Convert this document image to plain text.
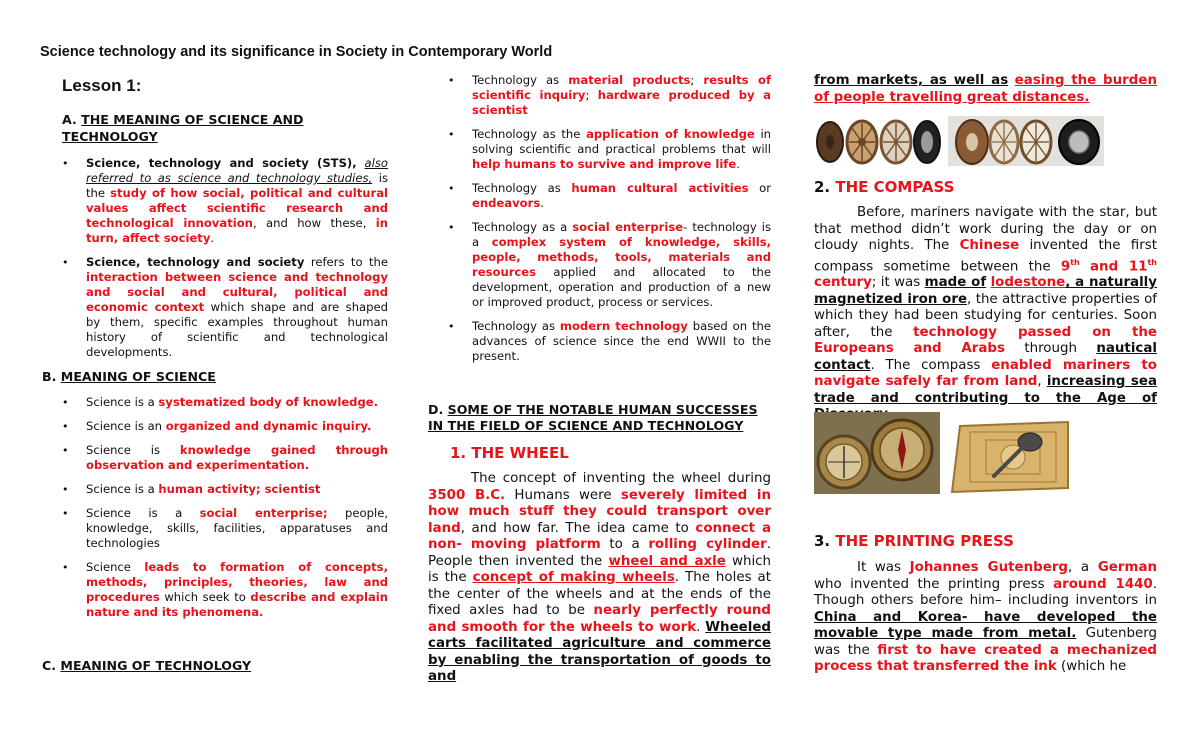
Science technology and its significance in Society in Contemporary World
Lesson 1:
A. THE MEANING OF SCIENCE AND TECHNOLOGY
• Science, technology and society (STS), also referred to as science and technology studies, is the study of how social, political and cultural values affect scientific research and technological innovation, and how these, in turn, affect society.
• Science, technology and society refers to the interaction between science and technology and social and cultural, political and economic context which shape and are shaped by them, specific examples throughout human history of scientific and technological developments.
B. MEANING OF SCIENCE
• Science is a systematized body of knowledge.
• Science is an organized and dynamic inquiry.
• Science is knowledge gained through observation and experimentation.
• Science is a human activity; scientist
• Science is a social enterprise; people, knowledge, skills, facilities, apparatuses and technologies
• Science leads to formation of concepts, methods, principles, theories, law and procedures which seek to describe and explain nature and its phenomena.
C. MEANING OF TECHNOLOGY
• Technology as material products; results of scientific inquiry; hardware produced by a scientist
• Technology as the application of knowledge in solving scientific and practical problems that will help humans to survive and improve life.
• Technology as human cultural activities or endeavors.
• Technology as a social enterprise- technology is a complex system of knowledge, skills, people, methods, tools, materials and resources applied and allocated to the development, operation and production of a new or improved product, process or services.
• Technology as modern technology based on the advances of science since the end WWII to the present.
D. SOME OF THE NOTABLE HUMAN SUCCESSES IN THE FIELD OF SCIENCE AND TECHNOLOGY
1. THE WHEEL
The concept of inventing the wheel during 3500 B.C. Humans were severely limited in how much stuff they could transport over land, and how far. The idea came to connect a non- moving platform to a rolling cylinder. People then invented the wheel and axle which is the concept of making wheels. The holes at the center of the wheels and at the ends of the fixed axles had to be nearly perfectly round and smooth for the wheels to work. Wheeled carts facilitated agriculture and commerce by enabling the transportation of goods to and
from markets, as well as easing the burden of people travelling great distances.
2. THE COMPASS
Before, mariners navigate with the star, but that method didn’t work during the day or on cloudy nights. The Chinese invented the first compass sometime between the 9th and 11th century; it was made of lodestone, a naturally magnetized iron ore, the attractive properties of which they had been studying for centuries. Soon after, the technology passed on the Europeans and Arabs through nautical contact. The compass enabled mariners to navigate safely far from land, increasing sea trade and contributing to the Age of
3. THE PRINTING PRESS
It was Johannes Gutenberg, a German who invented the printing press around 1440. Though others before him– including inventors in China and Korea- have developed the movable type made from metal. Gutenberg was the first to have created a mechanized process that transferred the ink (which he
